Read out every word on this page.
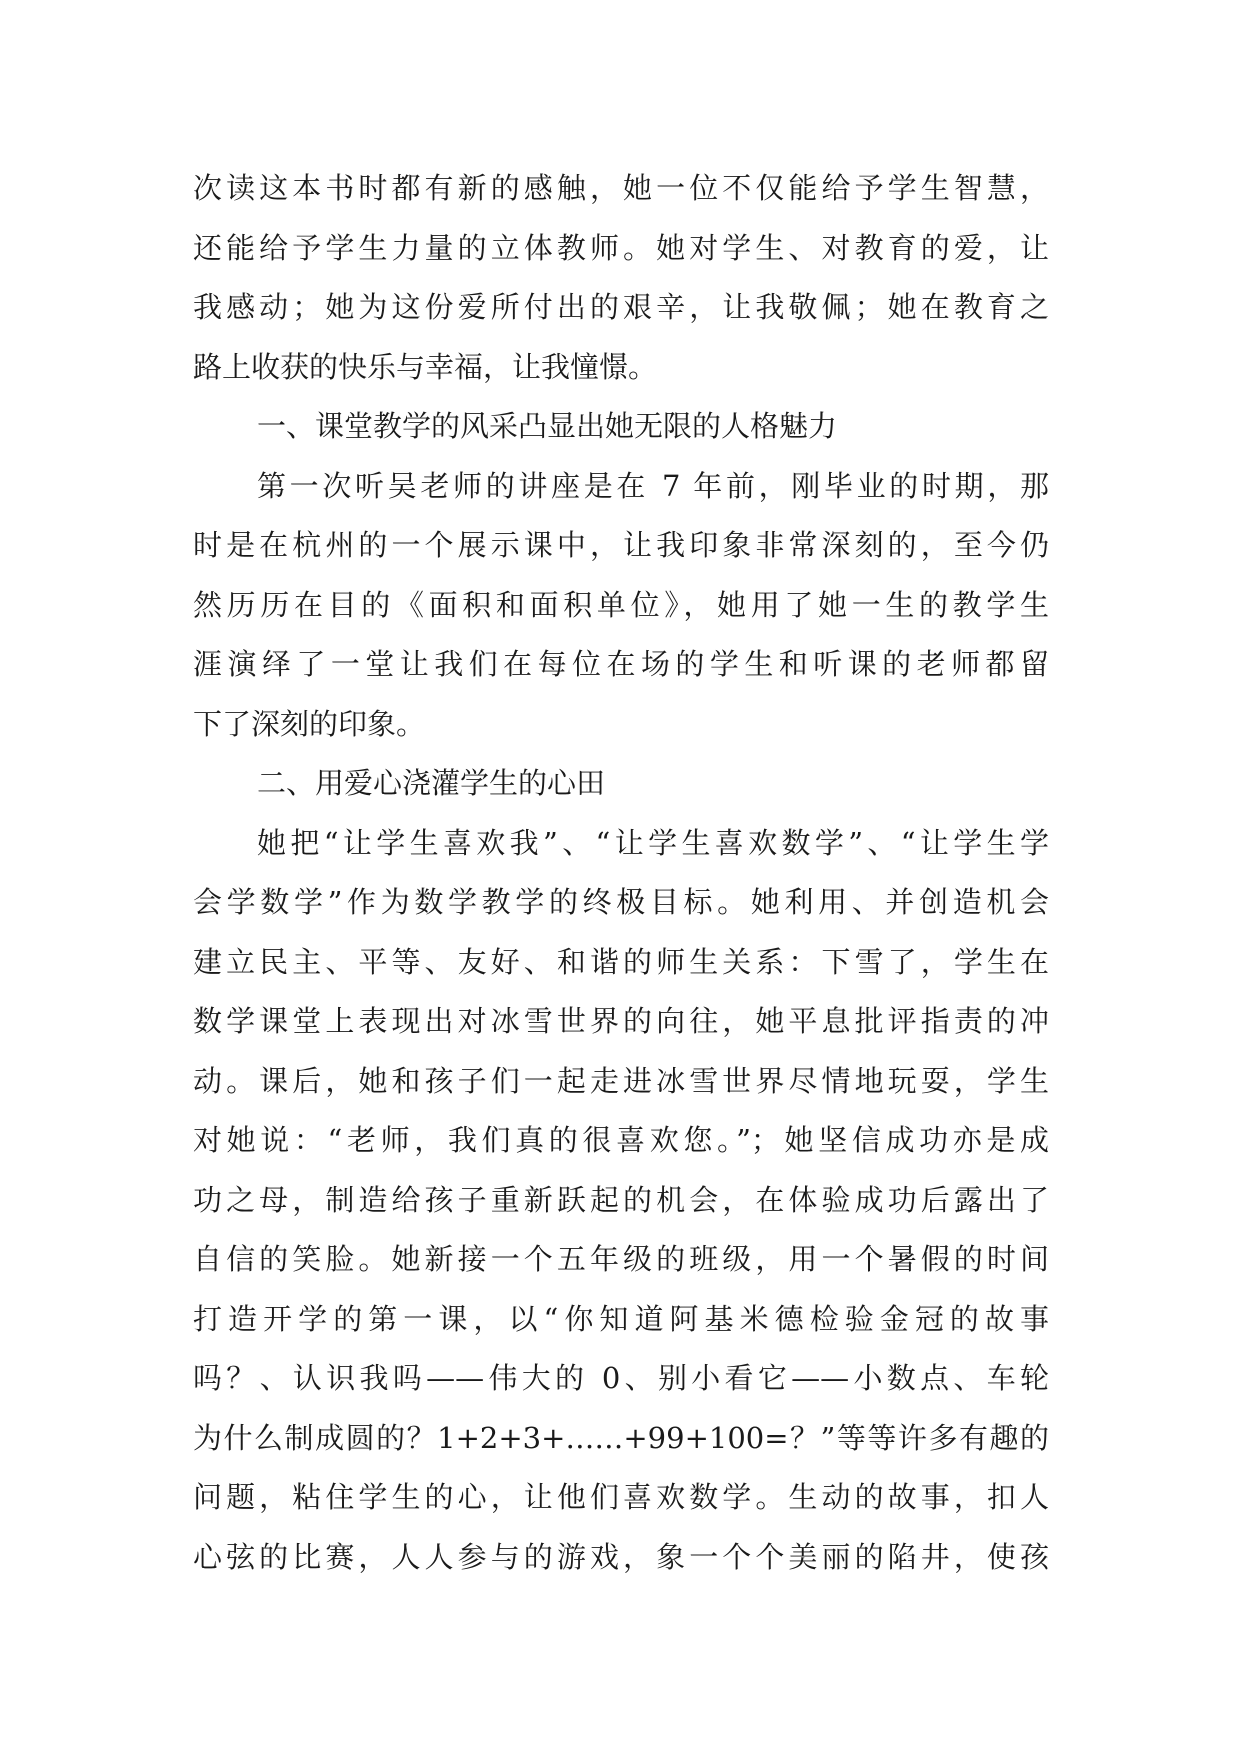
次读这本书时都有新的感触，她一位不仅能给予学生智慧，
还能给予学生力量的立体教师。她对学生、对教育的爱，让
我感动；她为这份爱所付出的艰辛，让我敬佩；她在教育之
路上收获的快乐与幸福，让我憧憬。
一、课堂教学的风采凸显出她无限的人格魅力
第一次听吴老师的讲座是在 7 年前，刚毕业的时期，那
时是在杭州的一个展示课中，让我印象非常深刻的，至今仍
然历历在目的《面积和面积单位》，她用了她一生的教学生
涯演绎了一堂让我们在每位在场的学生和听课的老师都留
下了深刻的印象。
二、用爱心浇灌学生的心田
她把“让学生喜欢我”、“让学生喜欢数学”、“让学生学
会学数学”作为数学教学的终极目标。她利用、并创造机会
建立民主、平等、友好、和谐的师生关系：下雪了，学生在
数学课堂上表现出对冰雪世界的向往，她平息批评指责的冲
动。课后，她和孩子们一起走进冰雪世界尽情地玩耍，学生
对她说：“老师，我们真的很喜欢您。”；她坚信成功亦是成
功之母，制造给孩子重新跃起的机会，在体验成功后露出了
自信的笑脸。她新接一个五年级的班级，用一个暑假的时间
打造开学的第一课，以“你知道阿基米德检验金冠的故事
吗？、认识我吗——伟大的 0、别小看它——小数点、车轮
为什么制成圆的？1+2+3+……+99+100=？”等等许多有趣的
问题，粘住学生的心，让他们喜欢数学。生动的故事，扣人
心弦的比赛，人人参与的游戏，象一个个美丽的陷井，使孩
